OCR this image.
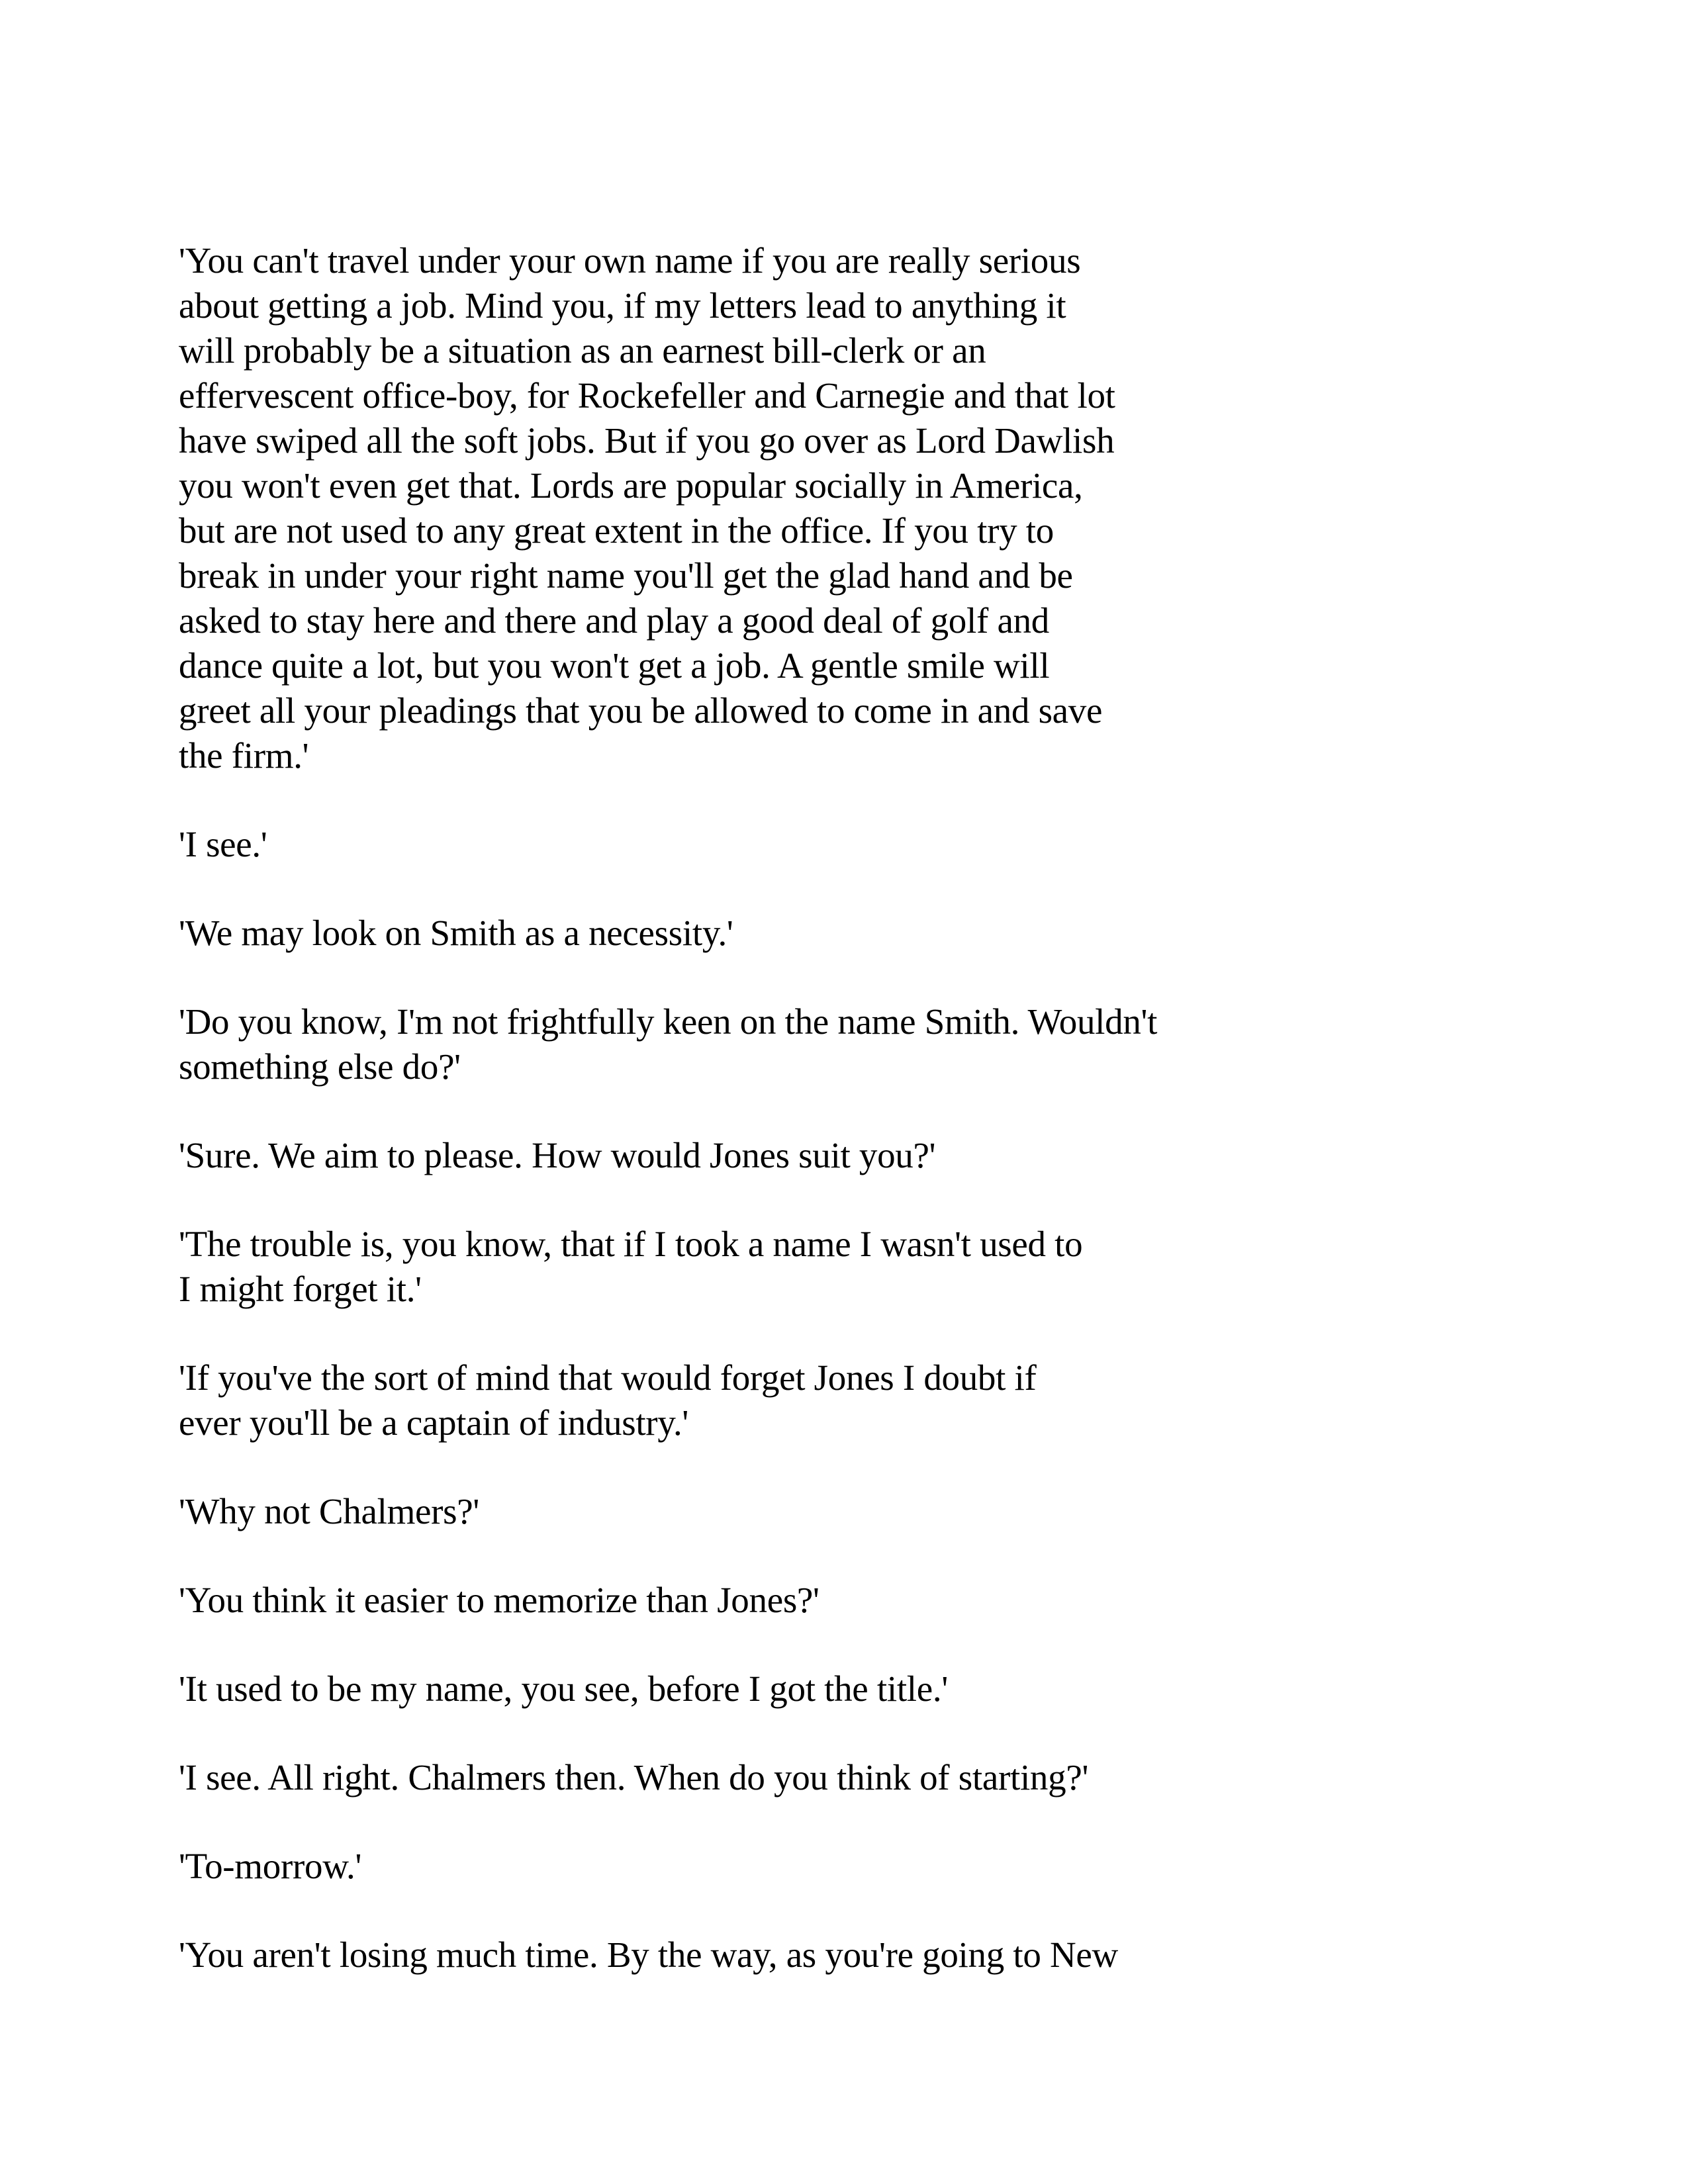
'You can't travel under your own name if you are really serious
about getting a job. Mind you, if my letters lead to anything it
will probably be a situation as an earnest bill-clerk or an
effervescent office-boy, for Rockefeller and Carnegie and that lot
have swiped all the soft jobs. But if you go over as Lord Dawlish
you won't even get that. Lords are popular socially in America,
but are not used to any great extent in the office. If you try to
break in under your right name you'll get the glad hand and be
asked to stay here and there and play a good deal of golf and
dance quite a lot, but you won't get a job. A gentle smile will
greet all your pleadings that you be allowed to come in and save
the firm.'
'I see.'
'We may look on Smith as a necessity.'
'Do you know, I'm not frightfully keen on the name Smith. Wouldn't
something else do?'
'Sure. We aim to please. How would Jones suit you?'
'The trouble is, you know, that if I took a name I wasn't used to
I might forget it.'
'If you've the sort of mind that would forget Jones I doubt if
ever you'll be a captain of industry.'
'Why not Chalmers?'
'You think it easier to memorize than Jones?'
'It used to be my name, you see, before I got the title.'
'I see. All right. Chalmers then. When do you think of starting?'
'To-morrow.'
'You aren't losing much time. By the way, as you're going to New
